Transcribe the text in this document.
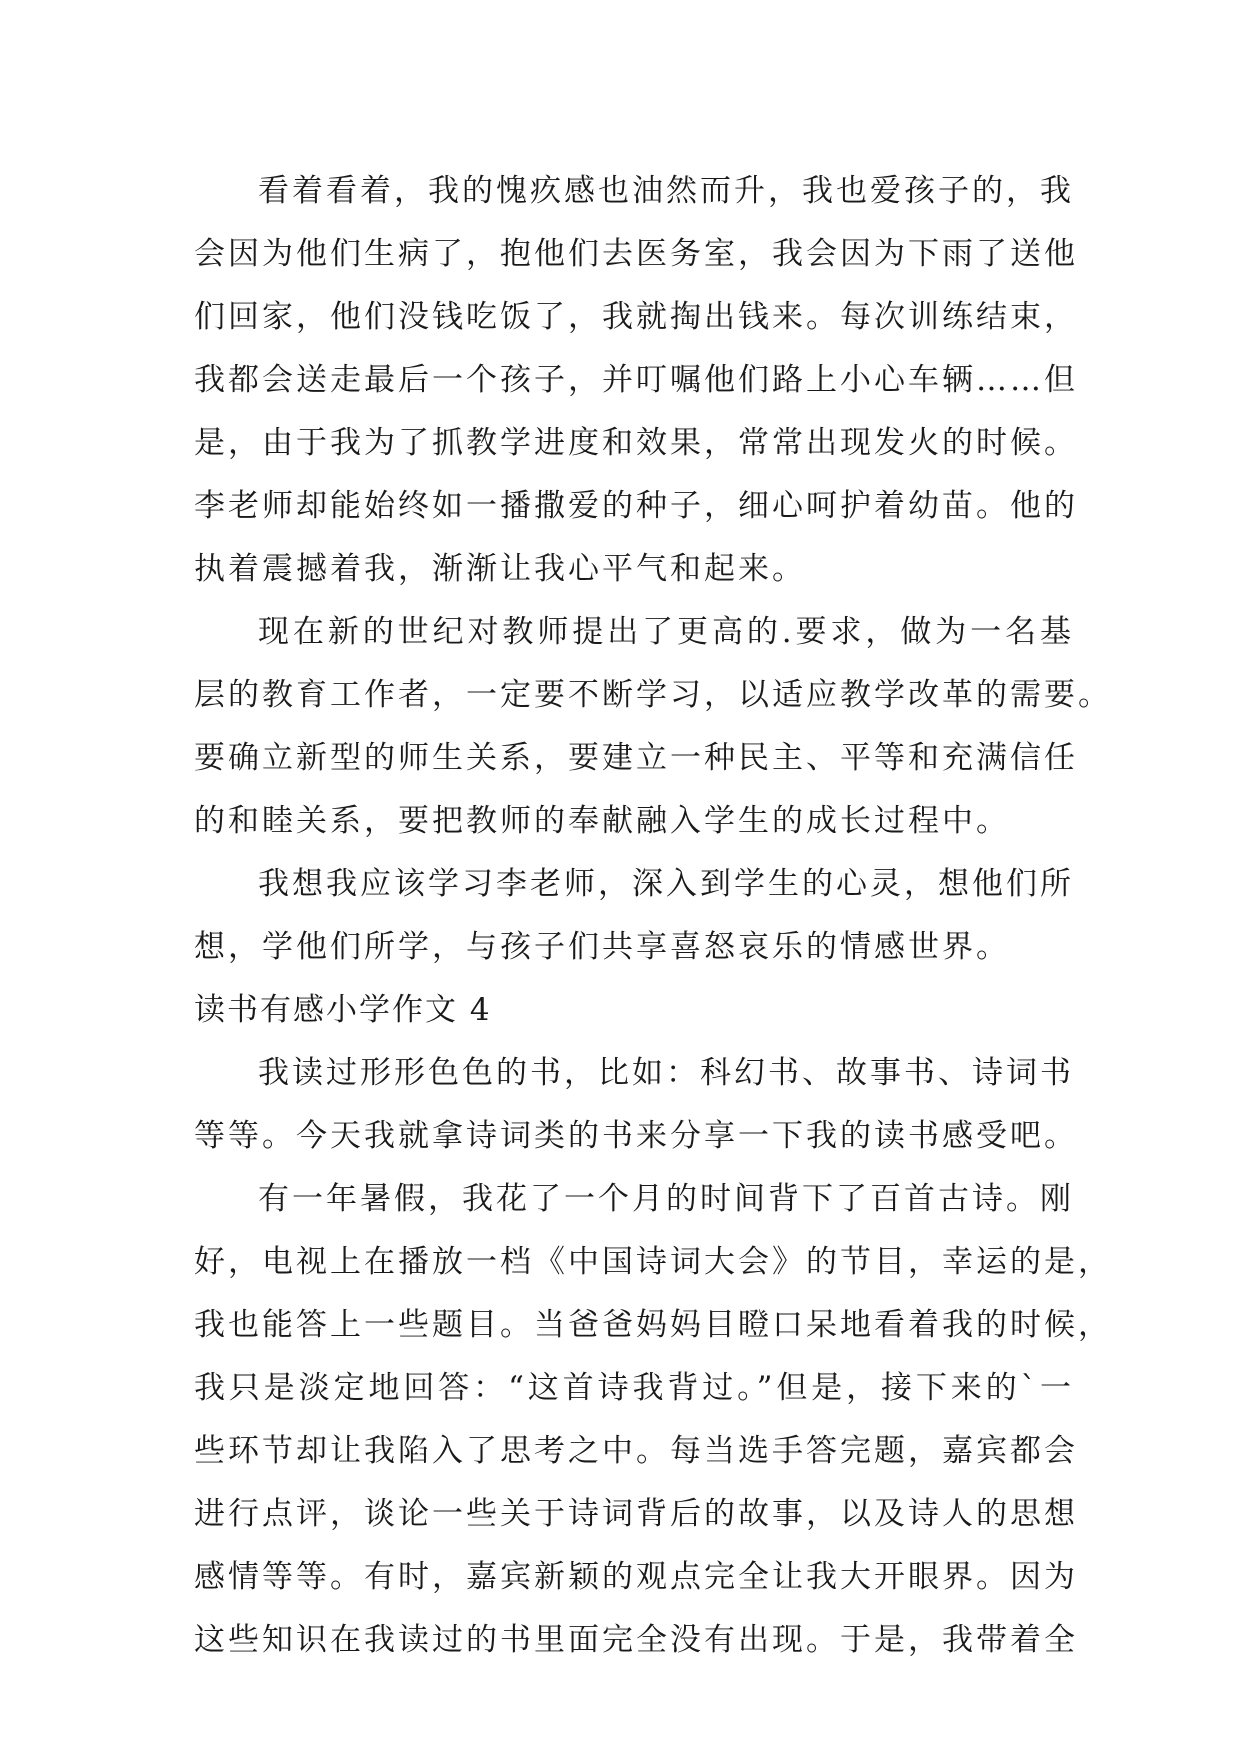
看着看着，我的愧疚感也油然而升，我也爱孩子的，我
会因为他们生病了，抱他们去医务室，我会因为下雨了送他
们回家，他们没钱吃饭了，我就掏出钱来。每次训练结束，
我都会送走最后一个孩子，并叮嘱他们路上小心车辆……但
是，由于我为了抓教学进度和效果，常常出现发火的时候。
李老师却能始终如一播撒爱的种子，细心呵护着幼苗。他的
执着震撼着我，渐渐让我心平气和起来。
现在新的世纪对教师提出了更高的.要求，做为一名基
层的教育工作者，一定要不断学习，以适应教学改革的需要。
要确立新型的师生关系，要建立一种民主、平等和充满信任
的和睦关系，要把教师的奉献融入学生的成长过程中。
我想我应该学习李老师，深入到学生的心灵，想他们所
想，学他们所学，与孩子们共享喜怒哀乐的情感世界。
读书有感小学作文 4
我读过形形色色的书，比如：科幻书、故事书、诗词书
等等。今天我就拿诗词类的书来分享一下我的读书感受吧。
有一年暑假，我花了一个月的时间背下了百首古诗。刚
好，电视上在播放一档《中国诗词大会》的节目，幸运的是，
我也能答上一些题目。当爸爸妈妈目瞪口呆地看着我的时候，
我只是淡定地回答：“这首诗我背过。”但是，接下来的`一
些环节却让我陷入了思考之中。每当选手答完题，嘉宾都会
进行点评，谈论一些关于诗词背后的故事，以及诗人的思想
感情等等。有时，嘉宾新颖的观点完全让我大开眼界。因为
这些知识在我读过的书里面完全没有出现。于是，我带着全
